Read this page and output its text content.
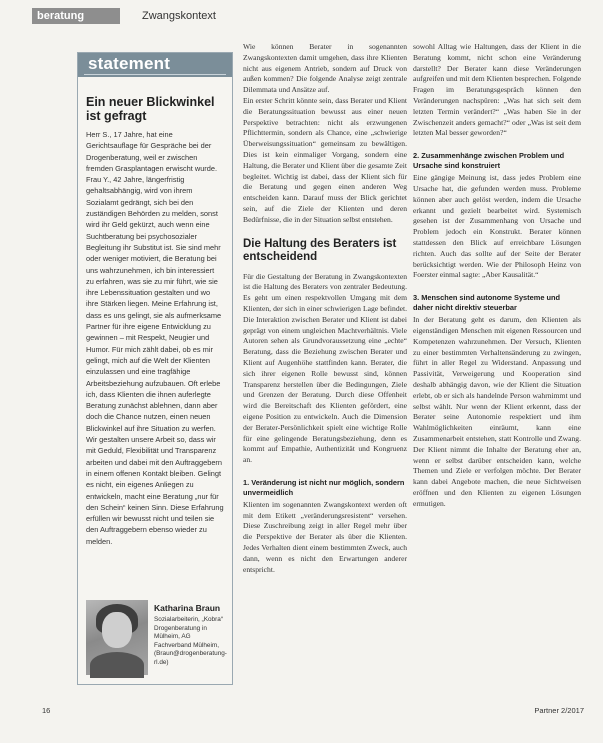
beratung	Zwangskontext
statement
Ein neuer Blickwinkel ist gefragt
Herr S., 17 Jahre, hat eine Gerichtsauflage für Gespräche bei der Drogenberatung, weil er zwischen fremden Grasplantagen erwischt wurde. Frau Y., 42 Jahre, längerfristig gehaltsabhängig, wird von ihrem Sozialamt gedrängt, sich bei den zuständigen Behörden zu melden, sonst wird ihr Geld gekürzt, auch wenn eine Suchtberatung bei psychosozialer Begleitung ihr Substitut ist. Sie sind mehr oder weniger motiviert, die Beratung bei uns wahrzunehmen, ich bin interessiert zu erfahren, was sie zu mir führt, wie sie ihre Lebenssituation gestalten und wo ihre Stärken liegen. Meine Erfahrung ist, dass es uns gelingt, sie als aufmerksame Partner für ihre eigene Entwicklung zu gewinnen – mit Respekt, Neugier und Humor. Für mich zählt dabei, ob es mir gelingt, mich auf die Welt der Klienten einzulassen und eine tragfähige Arbeitsbeziehung aufzubauen. Oft erlebe ich, dass Klienten die ihnen auferlegte Beratung zunächst ablehnen, dann aber doch die Chance nutzen, einen neuen Blickwinkel auf ihre Situation zu werfen. Wir gestalten unsere Arbeit so, dass wir mit Geduld, Flexibilität und Transparenz arbeiten und dabei mit den Auftraggebern in einem offenen Kontakt bleiben. Gelingt es nicht, ein eigenes Anliegen zu entwickeln, macht eine Beratung „nur für den Schein“ keinen Sinn. Diese Erfahrung erfüllen wir bewusst nicht und teilen sie den Auftraggebern ebenso wieder zu melden.
Katharina Braun
Sozialarbeiterin, „Kobra“ Drogenberatung in Mülheim, AG Fachverband Mülheim, (Braun@drogenberatung-rl.de)

Wie können Berater in sogenannten Zwangskontexten damit umgehen, dass ihre Klienten nicht aus eigenem Antrieb, sondern auf Druck von außen kommen? Die folgende Analyse zeigt zentrale Dilemmata und Ansätze auf.

Ein erster Schritt könnte sein, dass Berater und Klient die Beratungssituation bewusst aus einer neuen Perspektive betrachten: nicht als erzwungenen Pflichttermin, sondern als Chance, eine „schwierige Überweisungssituation“ gemeinsam zu bewältigen. Dies ist kein einmaliger Vorgang, sondern eine Haltung, die Berater und Klient über die gesamte Zeit begleitet. Wichtig ist dabei, dass der Klient sich für die Beratung und gegen einen anderen Weg entscheiden kann. Darauf muss der Blick gerichtet sein, auf die Ziele der Klienten und deren Bedürfnisse, die in der Situation selbst entstehen.

Die Haltung des Beraters ist entscheidend

Für die Gestaltung der Beratung in Zwangskontexten ist die Haltung des Beraters von zentraler Bedeutung. Es geht um einen respektvollen Umgang mit dem Klienten, der sich in einer schwierigen Lage befindet. Die Interaktion zwischen Berater und Klient ist dabei geprägt von einem ungleichen Machtverhältnis. Viele Autoren sehen als Grundvoraussetzung eine „echte“ Beratung, dass die Beziehung zwischen Berater und Klient auf Augenhöhe stattfinden kann. Berater, die sich ihrer eigenen Rolle bewusst sind, können Transparenz herstellen über die Bedingungen, Ziele und Grenzen der Beratung. Durch diese Offenheit wird die Bereitschaft des Klienten gefördert, eine eigene Position zu entwickeln. Auch die Dimension der Berater-Persönlichkeit spielt eine wichtige Rolle für eine gelingende Beratungsbeziehung, denn es kommt auf Empathie, Authentizität und Kongruenz an.

1. Veränderung ist nicht nur möglich, sondern unvermeidlich

Klienten im sogenannten Zwangskontext werden oft mit dem Etikett „veränderungsresistent“ versehen. Diese Zuschreibung zeigt in aller Regel mehr über die Perspektive der Berater als über die Klienten. Jedes Verhalten dient einem bestimmten Zweck, auch dann, wenn es nicht den Erwartungen anderer entspricht.

sowohl Alltag wie Haltungen, dass der Klient in die Beratung kommt, nicht schon eine Veränderung darstellt? Der Berater kann diese Veränderungen aufgreifen und mit dem Klienten besprechen. Folgende Fragen im Beratungsgespräch können den Veränderungen nachspüren: „Was hat sich seit dem letzten Termin verändert?“ „Was haben Sie in der Zwischenzeit anders gemacht?“ oder „Was ist seit dem letzten Mal besser geworden?“

2. Zusammenhänge zwischen Problem und Ursache sind konstruiert

Eine gängige Meinung ist, dass jedes Problem eine Ursache hat, die gefunden werden muss. Probleme können aber auch gelöst werden, indem die Ursache erkannt und gezielt bearbeitet wird. Systemisch gesehen ist der Zusammenhang von Ursache und Problem jedoch ein Konstrukt. Berater können stattdessen den Blick auf erreichbare Lösungen richten. Auch das sollte auf der Seite der Berater berücksichtigt werden. Wie der Philosoph Heinz von Foerster einmal sagte: „Aber Kausalität.“

3. Menschen sind autonome Systeme und daher nicht direktiv steuerbar

In der Beratung geht es darum, den Klienten als eigenständigen Menschen mit eigenen Ressourcen und Kompetenzen wahrzunehmen. Der Versuch, Klienten zu einer bestimmten Verhaltensänderung zu zwingen, führt in aller Regel zu Widerstand. Anpassung und Passivität, Verweigerung und Kooperation sind deshalb abhängig davon, wie der Klient die Situation erlebt, ob er sich als handelnde Person wahrnimmt und selbst wählt. Nur wenn der Klient erkennt, dass der Berater seine Autonomie respektiert und ihm Wahlmöglichkeiten einräumt, kann eine Zusammenarbeit entstehen, statt Kontrolle und Zwang. Der Klient nimmt die Inhalte der Beratung eher an, wenn er selbst darüber entscheiden kann, welche Themen und Ziele er verfolgen möchte. Der Berater kann dabei Angebote machen, die neue Sichtweisen eröffnen und den Klienten zu eigenen Lösungen ermutigen.

16	Partner 2/2017
